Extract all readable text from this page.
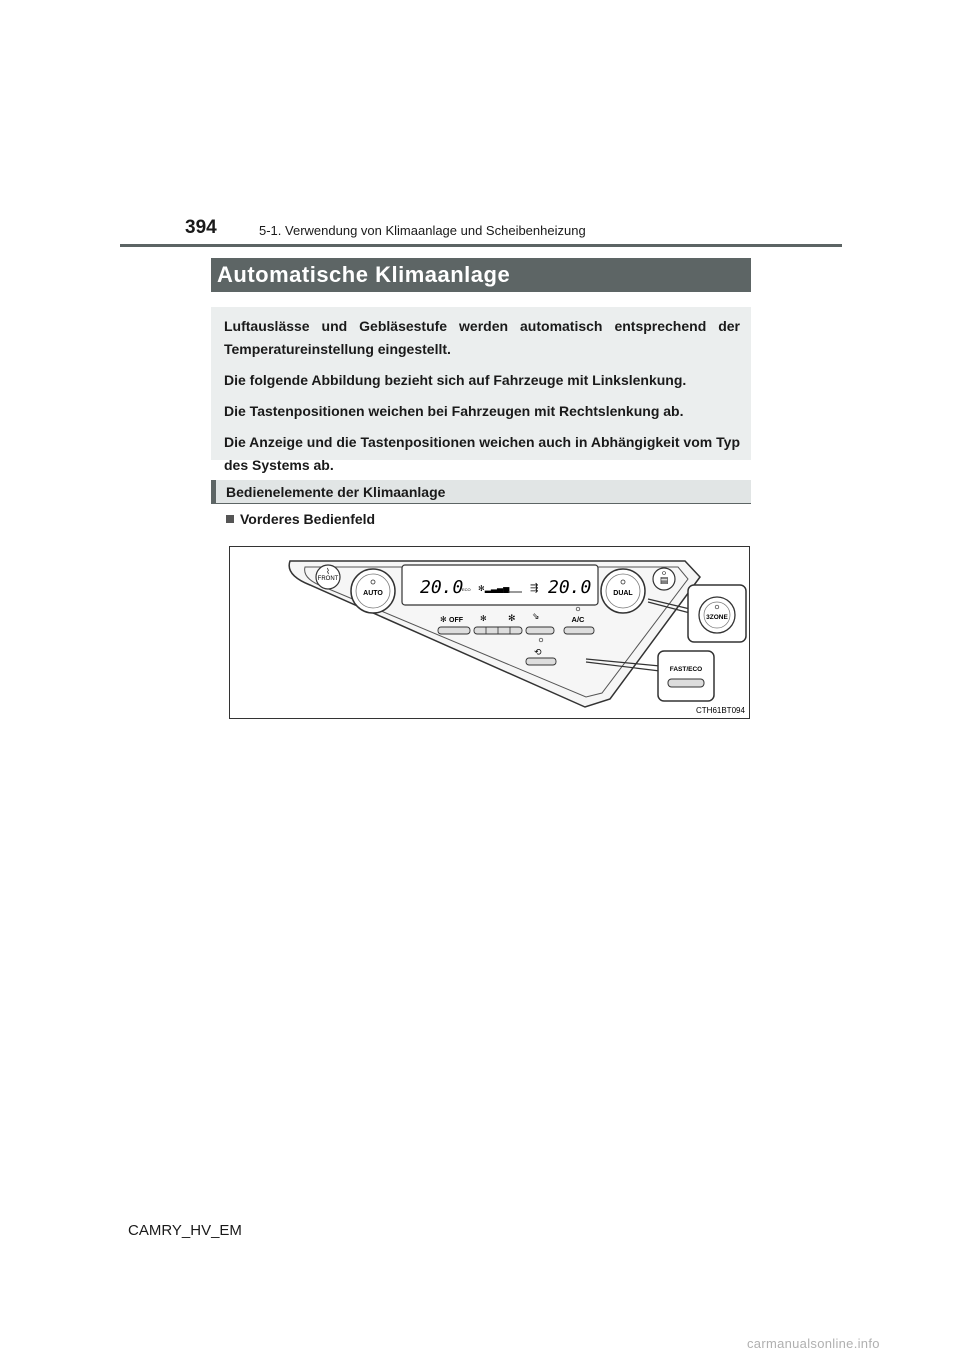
394	5-1. Verwendung von Klimaanlage und Scheibenheizung
Automatische Klimaanlage

Luftauslässe und Gebläsestufe werden automatisch entsprechend der Temperatureinstellung eingestellt.

Die folgende Abbildung bezieht sich auf Fahrzeuge mit Linkslenkung.

Die Tastenpositionen weichen bei Fahrzeugen mit Rechtslenkung ab.

Die Anzeige und die Tastenpositionen weichen auch in Abhängigkeit vom Typ des Systems ab.

Bedienelemente der Klimaanlage
Vorderes Bedienfeld
FRONT
⌇
AUTO 20.0
ECO ✻▂▃▄▅ ⇶ 20.0	DUAL
▤
3ZONE
✻ OFF ✻ ✻ ⇘	A/C
⟲
FAST/ECO
CTH61BT094
CAMRY_HV_EM
carmanualsonline.info
